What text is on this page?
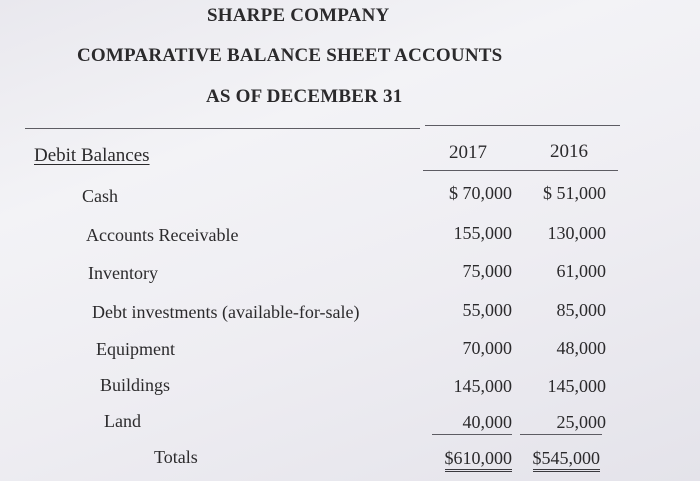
SHARPE COMPANY
COMPARATIVE BALANCE SHEET ACCOUNTS
AS OF DECEMBER 31
Debit Balances	2017	2016
Cash	$ 70,000	$ 51,000
Accounts Receivable	155,000	130,000
Inventory	75,000	61,000
Debt investments (available-for-sale)	55,000	85,000
Equipment	70,000	48,000
Buildings	145,000	145,000
Land	40,000	25,000
Totals	$610,000	$545,000
